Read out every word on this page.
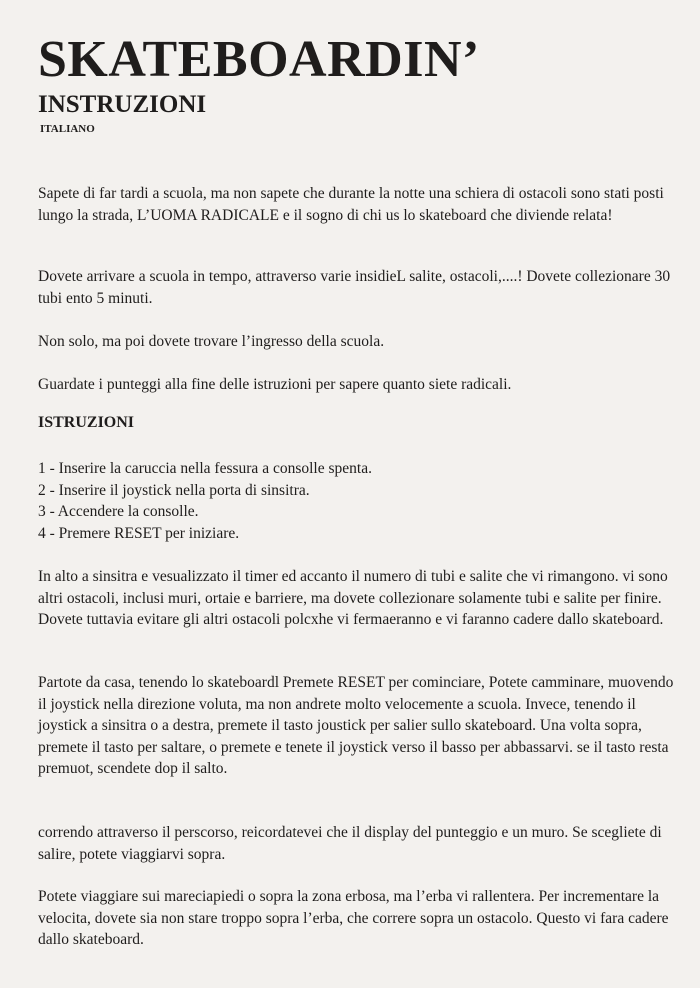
SKATEBOARDIN’
INSTRUZIONI
ITALIANO

Sapete di far tardi a scuola, ma non sapete che durante la notte una schiera di ostacoli sono stati posti lungo la strada, L’UOMA RADICALE e il sogno di chi us lo skateboard che diviende relata!

Dovete arrivare a scuola in tempo, attraverso varie insidieL salite, ostacoli,....! Dovete collezionare 30 tubi ento 5 minuti.

Non solo, ma poi dovete trovare l’ingresso della scuola.

Guardate i punteggi alla fine delle istruzioni per sapere quanto siete radicali.

ISTRUZIONI
1 - Inserire la caruccia nella fessura a consolle spenta.
2 - Inserire il joystick nella porta di sinsitra.
3 - Accendere la consolle.
4 - Premere RESET per iniziare.

In alto a sinsitra e vesualizzato il timer ed accanto il numero di tubi e salite che vi rimangono. vi sono altri ostacoli, inclusi muri, ortaie e barriere, ma dovete collezionare solamente tubi e salite per finire. Dovete tuttavia evitare gli altri ostacoli polcxhe vi fermaeranno e vi faranno cadere dallo skateboard.

Partote da casa, tenendo lo skateboardl Premete RESET per cominciare, Potete camminare, muovendo il joystick nella direzione voluta, ma non andrete molto velocemente a scuola. Invece, tenendo il joystick a sinsitra o a destra, premete il tasto joustick per salier sullo skateboard. Una volta sopra, premete il tasto per saltare, o premete e tenete il joystick verso il basso per abbassarvi. se il tasto resta premuot, scendete dop il salto.

correndo attraverso il perscorso, reicordatevei che il display del punteggio e un muro. Se scegliete di salire, potete viaggiarvi sopra.

Potete viaggiare sui mareciapiedi o sopra la zona erbosa, ma l’erba vi rallentera. Per incrementare la velocita, dovete sia non stare troppo sopra l’erba, che correre sopra un ostacolo. Questo vi fara cadere dallo skateboard.
